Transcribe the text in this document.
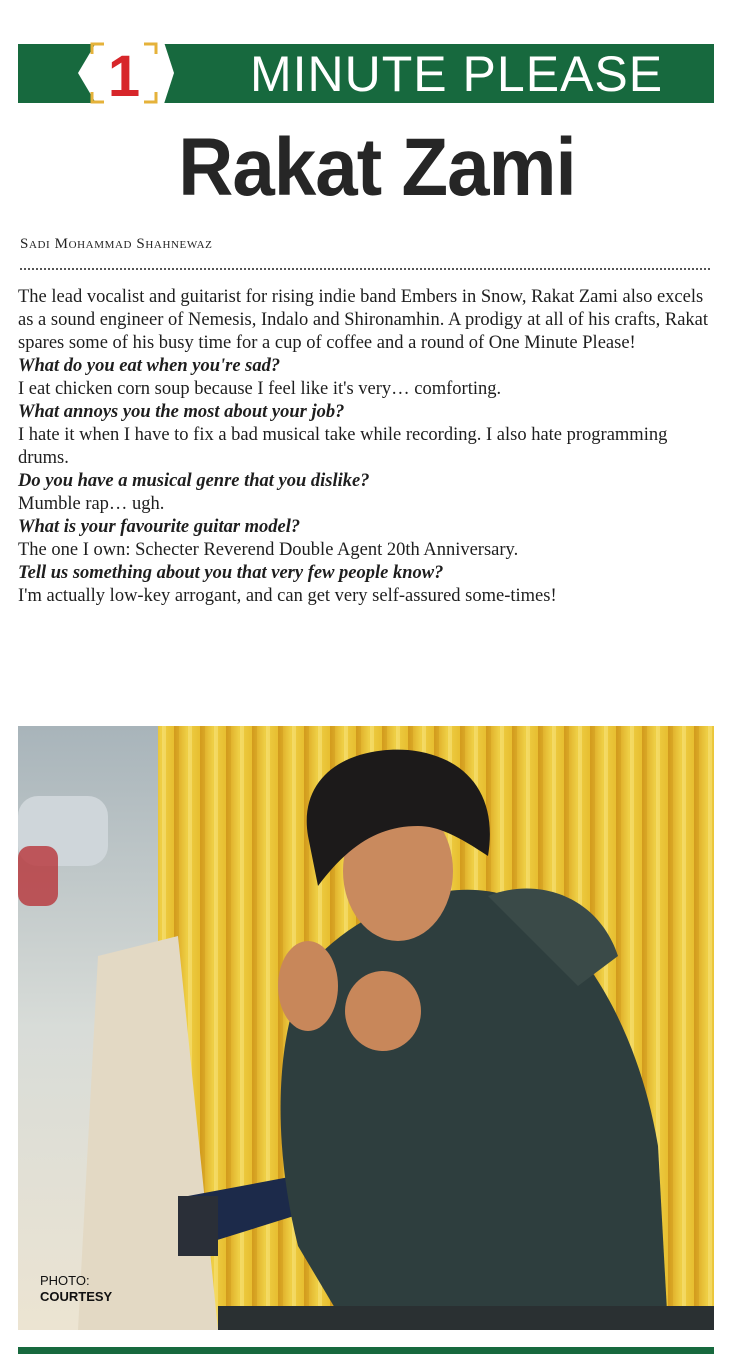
1 MINUTE PLEASE
Rakat Zami
Sadi Mohammad Shahnewaz

The lead vocalist and guitarist for rising indie band Embers in Snow, Rakat Zami also excels as a sound engineer of Nemesis, Indalo and Shironamhin. A prodigy at all of his crafts, Rakat spares some of his busy time for a cup of coffee and a round of One Minute Please!

What do you eat when you're sad?

I eat chicken corn soup because I feel like it's very… comforting.

What annoys you the most about your job?

I hate it when I have to fix a bad musical take while recording. I also hate programming drums.

Do you have a musical genre that you dislike?

Mumble rap… ugh.

What is your favourite guitar model?

The one I own: Schecter Reverend Double Agent 20th Anniversary.

Tell us something about you that very few people know?

I'm actually low-key arrogant, and can get very self-assured some-times!

PHOTO:
COURTESY
